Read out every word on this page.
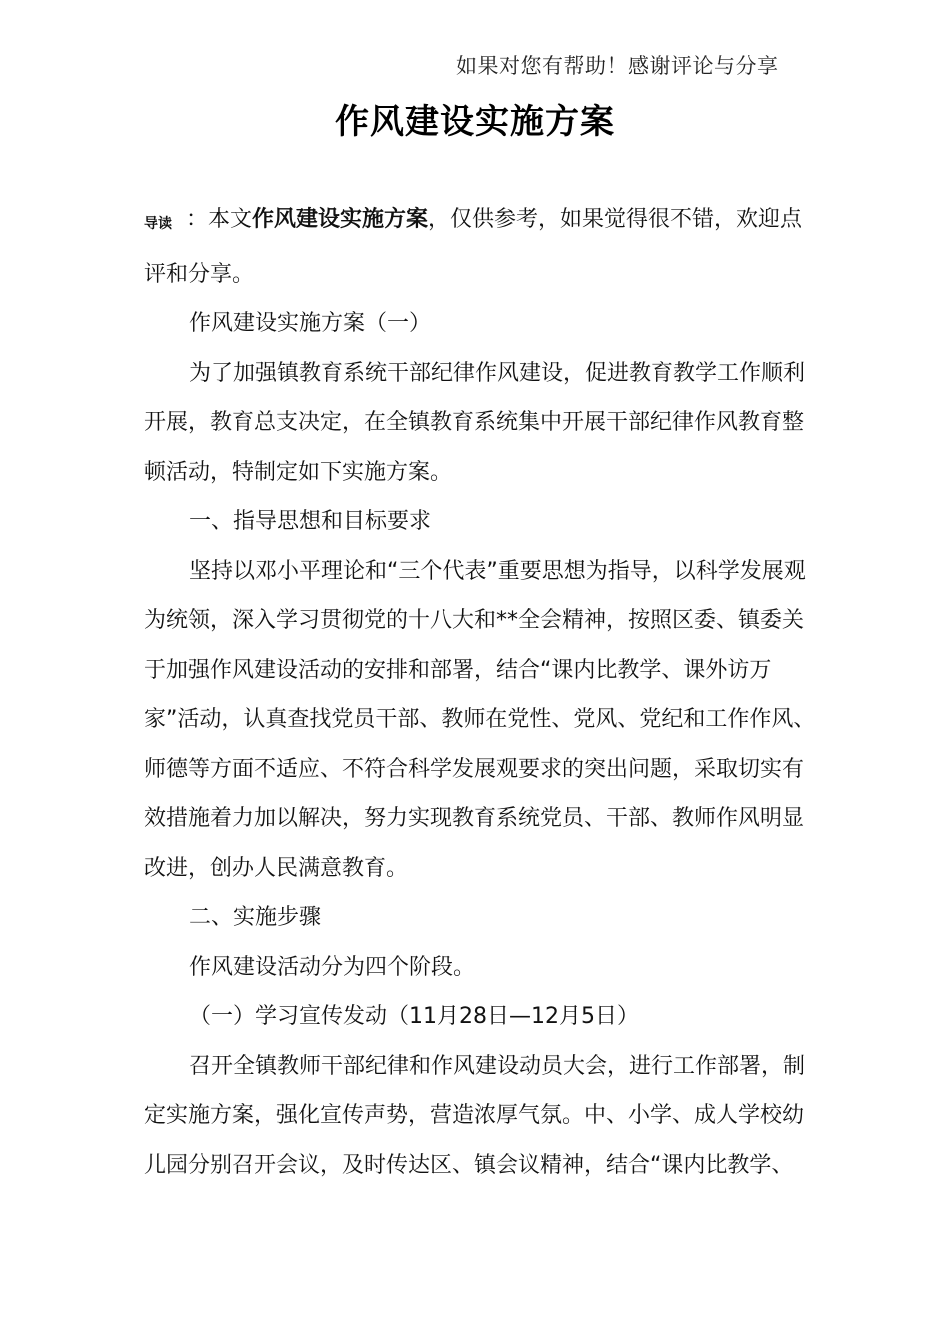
如果对您有帮助！感谢评论与分享
作风建设实施方案

导读 ：本文作风建设实施方案，仅供参考，如果觉得很不错，欢迎点评和分享。

作风建设实施方案（一）

为了加强镇教育系统干部纪律作风建设，促进教育教学工作顺利开展，教育总支决定，在全镇教育系统集中开展干部纪律作风教育整顿活动，特制定如下实施方案。

一、指导思想和目标要求

坚持以邓小平理论和“三个代表”重要思想为指导，以科学发展观为统领，深入学习贯彻党的十八大和**全会精神，按照区委、镇委关于加强作风建设活动的安排和部署，结合“课内比教学、课外访万家”活动，认真查找党员干部、教师在党性、党风、党纪和工作作风、师德等方面不适应、不符合科学发展观要求的突出问题，采取切实有效措施着力加以解决，努力实现教育系统党员、干部、教师作风明显改进，创办人民满意教育。

二、实施步骤

作风建设活动分为四个阶段。

（一）学习宣传发动（11月28日—12月5日）

召开全镇教师干部纪律和作风建设动员大会，进行工作部署，制定实施方案，强化宣传声势，营造浓厚气氛。中、小学、成人学校幼儿园分别召开会议，及时传达区、镇会议精神，结合“课内比教学、
